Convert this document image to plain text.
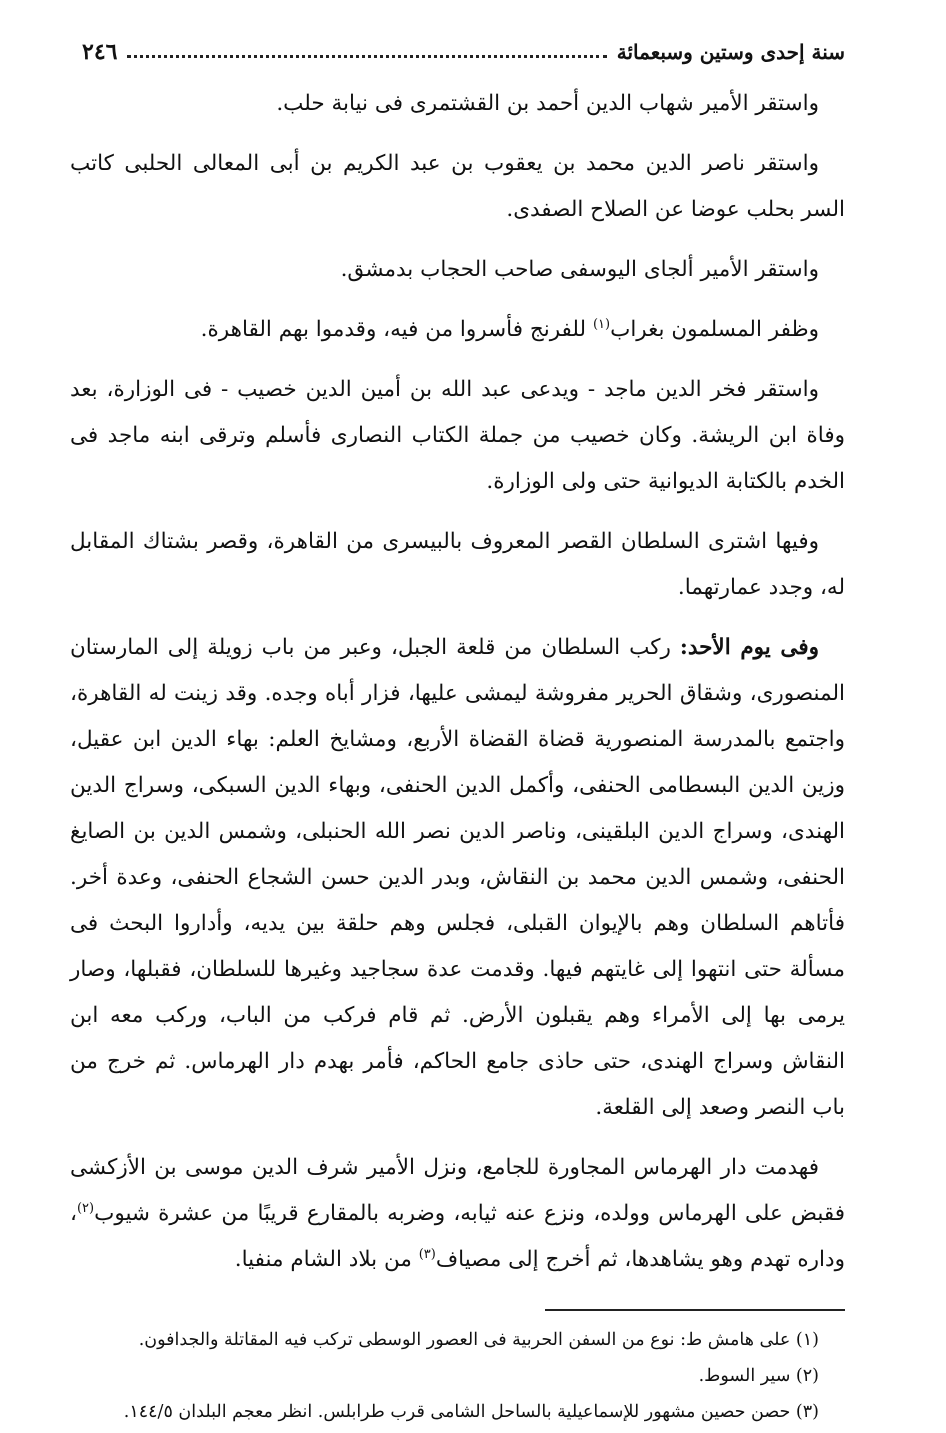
سنة إحدى وستين وسبعمائة
٢٤٦

واستقر الأمير شهاب الدين أحمد بن القشتمرى فى نيابة حلب.

واستقر ناصر الدين محمد بن يعقوب بن عبد الكريم بن أبى المعالى الحلبى كاتب السر بحلب عوضا عن الصلاح الصفدى.

واستقر الأمير ألجاى اليوسفى صاحب الحجاب بدمشق.

وظفر المسلمون بغراب$^{(١)}$ للفرنج فأسروا من فيه، وقدموا بهم القاهرة.

واستقر فخر الدين ماجد - ويدعى عبد الله بن أمين الدين خصيب - فى الوزارة، بعد وفاة ابن الريشة. وكان خصيب من جملة الكتاب النصارى فأسلم وترقى ابنه ماجد فى الخدم بالكتابة الديوانية حتى ولى الوزارة.

وفيها اشترى السلطان القصر المعروف بالبيسرى من القاهرة، وقصر بشتاك المقابل له، وجدد عمارتهما.

وفى يوم الأحد: ركب السلطان من قلعة الجبل، وعبر من باب زويلة إلى المارستان المنصورى، وشقاق الحرير مفروشة ليمشى عليها، فزار أباه وجده. وقد زينت له القاهرة، واجتمع بالمدرسة المنصورية قضاة القضاة الأربع، ومشايخ العلم: بهاء الدين ابن عقيل، وزين الدين البسطامى الحنفى، وأكمل الدين الحنفى، وبهاء الدين السبكى، وسراج الدين الهندى، وسراج الدين البلقينى، وناصر الدين نصر الله الحنبلى، وشمس الدين بن الصايغ الحنفى، وشمس الدين محمد بن النقاش، وبدر الدين حسن الشجاع الحنفى، وعدة أخر. فأتاهم السلطان وهم بالإيوان القبلى، فجلس وهم حلقة بين يديه، وأداروا البحث فى مسألة حتى انتهوا إلى غايتهم فيها. وقدمت عدة سجاجيد وغيرها للسلطان، فقبلها، وصار يرمى بها إلى الأمراء وهم يقبلون الأرض. ثم قام فركب من الباب، وركب معه ابن النقاش وسراج الهندى، حتى حاذى جامع الحاكم، فأمر بهدم دار الهرماس. ثم خرج من باب النصر وصعد إلى القلعة.

فهدمت دار الهرماس المجاورة للجامع، ونزل الأمير شرف الدين موسى بن الأزكشى فقبض على الهرماس وولده، ونزع عنه ثيابه، وضربه بالمقارع قريبًا من عشرة شيوب$^{(٢)}$، وداره تهدم وهو يشاهدها، ثم أخرج إلى مصياف$^{(٣)}$ من بلاد الشام منفيا.

(١) على هامش ط: نوع من السفن الحربية فى العصور الوسطى تركب فيه المقاتلة والجدافون.

(٢) سير السوط.

(٣) حصن حصين مشهور للإسماعيلية بالساحل الشامى قرب طرابلس. انظر معجم البلدان ١٤٤/٥.
